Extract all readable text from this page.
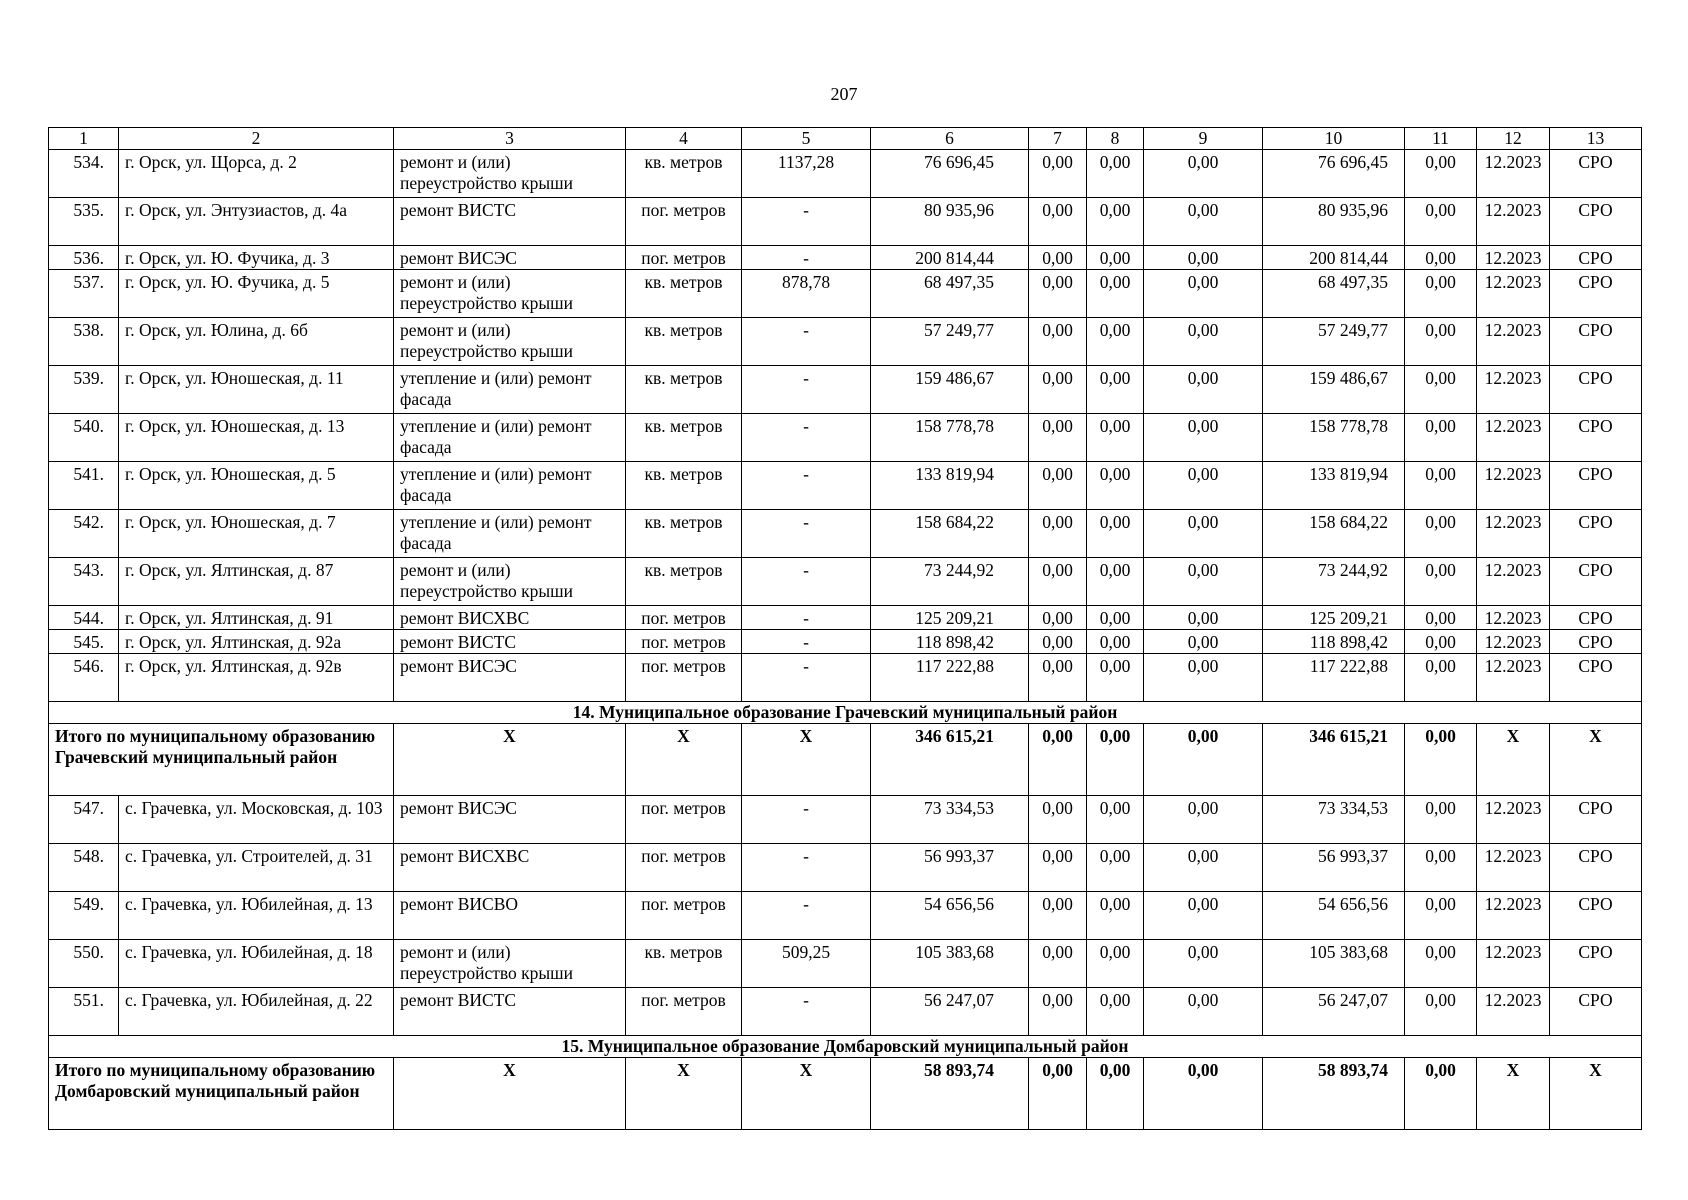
207
1	2	3	4	5	6	7	8	9	10	11	12	13
534.	г. Орск, ул. Щорса, д. 2	ремонт и (или) переустройство крыши	кв. метров	1137,28	76 696,45	0,00	0,00	0,00	76 696,45	0,00	12.2023	СРО
535.	г. Орск, ул. Энтузиастов, д. 4а	ремонт ВИСТС	пог. метров	-	80 935,96	0,00	0,00	0,00	80 935,96	0,00	12.2023	СРО
536.	г. Орск, ул. Ю. Фучика, д. 3	ремонт ВИСЭС	пог. метров	-	200 814,44	0,00	0,00	0,00	200 814,44	0,00	12.2023	СРО
537.	г. Орск, ул. Ю. Фучика, д. 5	ремонт и (или) переустройство крыши	кв. метров	878,78	68 497,35	0,00	0,00	0,00	68 497,35	0,00	12.2023	СРО
538.	г. Орск, ул. Юлина, д. 6б	ремонт и (или) переустройство крыши	кв. метров	-	57 249,77	0,00	0,00	0,00	57 249,77	0,00	12.2023	СРО
539.	г. Орск, ул. Юношеская, д. 11	утепление и (или) ремонт фасада	кв. метров	-	159 486,67	0,00	0,00	0,00	159 486,67	0,00	12.2023	СРО
540.	г. Орск, ул. Юношеская, д. 13	утепление и (или) ремонт фасада	кв. метров	-	158 778,78	0,00	0,00	0,00	158 778,78	0,00	12.2023	СРО
541.	г. Орск, ул. Юношеская, д. 5	утепление и (или) ремонт фасада	кв. метров	-	133 819,94	0,00	0,00	0,00	133 819,94	0,00	12.2023	СРО
542.	г. Орск, ул. Юношеская, д. 7	утепление и (или) ремонт фасада	кв. метров	-	158 684,22	0,00	0,00	0,00	158 684,22	0,00	12.2023	СРО
543.	г. Орск, ул. Ялтинская, д. 87	ремонт и (или) переустройство крыши	кв. метров	-	73 244,92	0,00	0,00	0,00	73 244,92	0,00	12.2023	СРО
544.	г. Орск, ул. Ялтинская, д. 91	ремонт ВИСХВС	пог. метров	-	125 209,21	0,00	0,00	0,00	125 209,21	0,00	12.2023	СРО
545.	г. Орск, ул. Ялтинская, д. 92а	ремонт ВИСТС	пог. метров	-	118 898,42	0,00	0,00	0,00	118 898,42	0,00	12.2023	СРО
546.	г. Орск, ул. Ялтинская, д. 92в	ремонт ВИСЭС	пог. метров	-	117 222,88	0,00	0,00	0,00	117 222,88	0,00	12.2023	СРО
14. Муниципальное образование Грачевский муниципальный район												
Итого по муниципальному образованию Грачевский муниципальный район		X	X	X	346 615,21	0,00	0,00	0,00	346 615,21	0,00	X	X
547.	с. Грачевка, ул. Московская, д. 103	ремонт ВИСЭС	пог. метров	-	73 334,53	0,00	0,00	0,00	73 334,53	0,00	12.2023	СРО
548.	с. Грачевка, ул. Строителей, д. 31	ремонт ВИСХВС	пог. метров	-	56 993,37	0,00	0,00	0,00	56 993,37	0,00	12.2023	СРО
549.	с. Грачевка, ул. Юбилейная, д. 13	ремонт ВИСВО	пог. метров	-	54 656,56	0,00	0,00	0,00	54 656,56	0,00	12.2023	СРО
550.	с. Грачевка, ул. Юбилейная, д. 18	ремонт и (или) переустройство крыши	кв. метров	509,25	105 383,68	0,00	0,00	0,00	105 383,68	0,00	12.2023	СРО
551.	с. Грачевка, ул. Юбилейная, д. 22	ремонт ВИСТС	пог. метров	-	56 247,07	0,00	0,00	0,00	56 247,07	0,00	12.2023	СРО
15. Муниципальное образование Домбаровский муниципальный район												
Итого по муниципальному образованию Домбаровский муниципальный район		X	X	X	58 893,74	0,00	0,00	0,00	58 893,74	0,00	X	X
